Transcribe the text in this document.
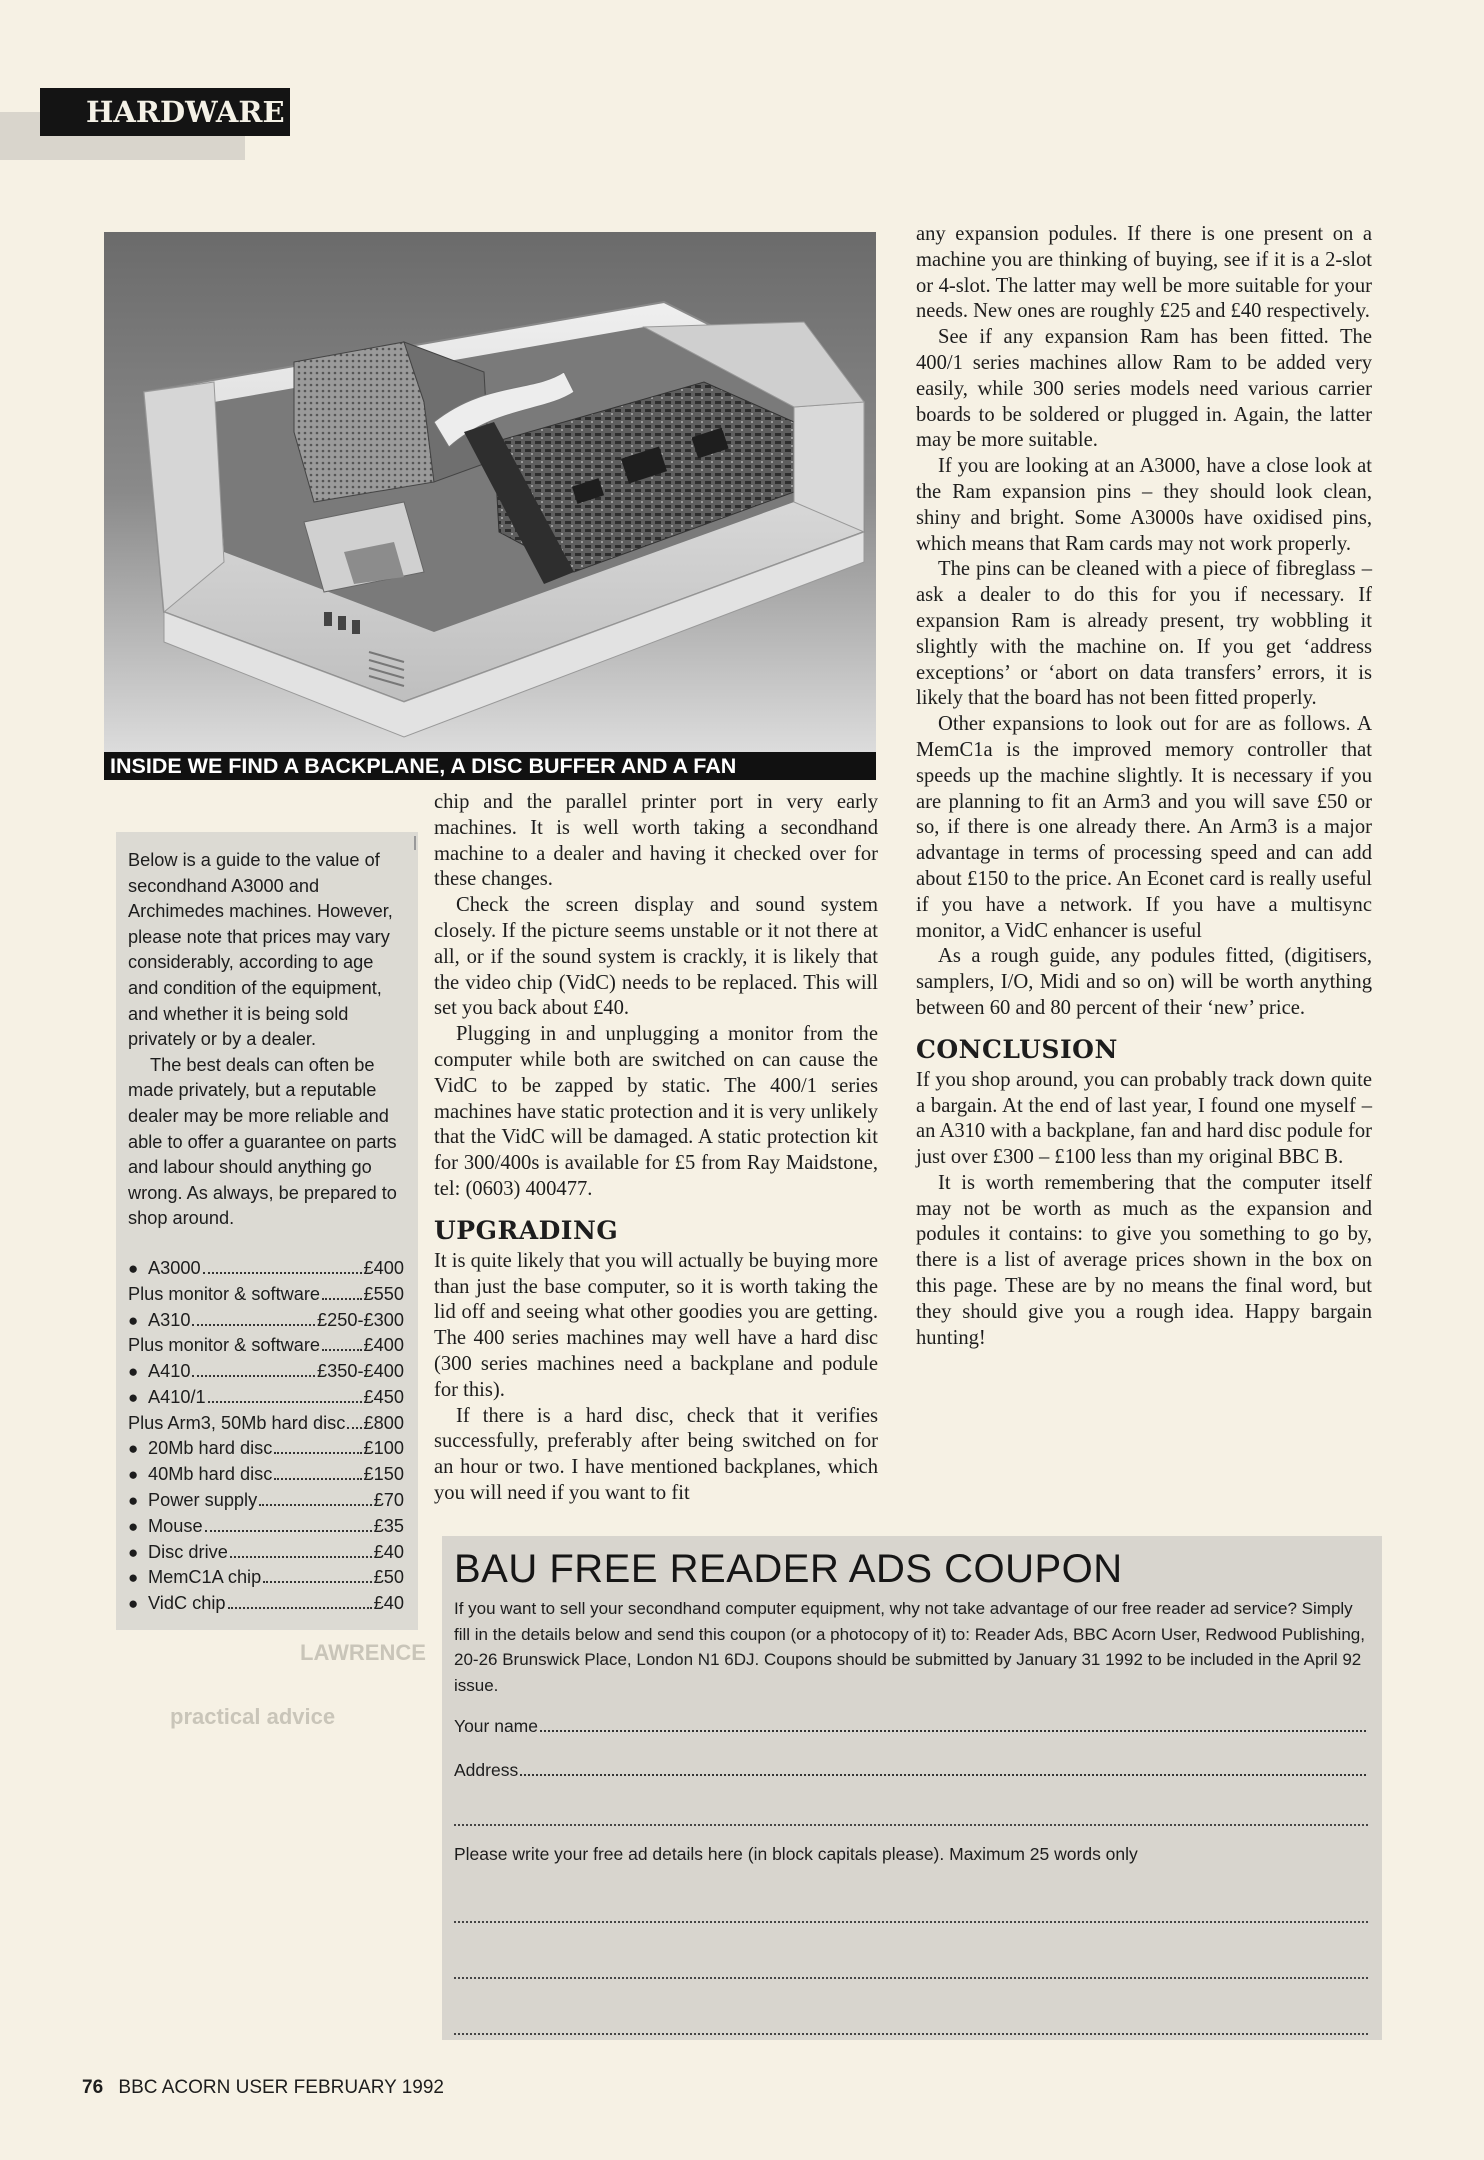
HARDWARE
INSIDE WE FIND A BACKPLANE, A DISC BUFFER AND A FAN
LAWRENCE
practical advice

Below is a guide to the value of secondhand A3000 and Archimedes machines. However, please note that prices may vary considerably, according to age and condition of the equipment, and whether it is being sold privately or by a dealer.

The best deals can often be made privately, but a reputable dealer may be more reliable and able to offer a guarantee on parts and labour should anything go wrong. As always, be prepared to shop around.

● A3000	£400
Plus monitor & software £550
● A310	£250-£300
Plus monitor & software £400
● A410	£350-£400
● A410/1	£450
Plus Arm3, 50Mb hard disc £800
● 20Mb hard disc	£100
● 40Mb hard disc	£150
● Power supply	£70
● Mouse	£35
● Disc drive	£40
● MemC1A chip	£50
● VidC chip	£40

chip and the parallel printer port in very early machines. It is well worth taking a secondhand machine to a dealer and having it checked over for these changes.

Check the screen display and sound system closely. If the picture seems unstable or it not there at all, or if the sound system is crackly, it is likely that the video chip (VidC) needs to be replaced. This will set you back about £40.

Plugging in and unplugging a monitor from the computer while both are switched on can cause the VidC to be zapped by static. The 400/1 series machines have static protection and it is very unlikely that the VidC will be damaged. A static protection kit for 300/400s is available for £5 from Ray Maidstone, tel: (0603) 400477.

UPGRADING

It is quite likely that you will actually be buying more than just the base computer, so it is worth taking the lid off and seeing what other goodies you are getting. The 400 series machines may well have a hard disc (300 series machines need a backplane and podule for this).

If there is a hard disc, check that it verifies successfully, preferably after being switched on for an hour or two. I have mentioned backplanes, which you will need if you want to fit

any expansion podules. If there is one present on a machine you are thinking of buying, see if it is a 2-slot or 4-slot. The latter may well be more suitable for your needs. New ones are roughly £25 and £40 respectively.

See if any expansion Ram has been fitted. The 400/1 series machines allow Ram to be added very easily, while 300 series models need various carrier boards to be soldered or plugged in. Again, the latter may be more suitable.

If you are looking at an A3000, have a close look at the Ram expansion pins – they should look clean, shiny and bright. Some A3000s have oxidised pins, which means that Ram cards may not work properly.

The pins can be cleaned with a piece of fibreglass – ask a dealer to do this for you if necessary. If expansion Ram is already present, try wobbling it slightly with the machine on. If you get ‘address exceptions’ or ‘abort on data transfers’ errors, it is likely that the board has not been fitted properly.

Other expansions to look out for are as follows. A MemC1a is the improved memory controller that speeds up the machine slightly. It is necessary if you are planning to fit an Arm3 and you will save £50 or so, if there is one already there. An Arm3 is a major advantage in terms of processing speed and can add about £150 to the price. An Econet card is really useful if you have a network. If you have a multisync monitor, a VidC enhancer is useful

As a rough guide, any podules fitted, (digitisers, samplers, I/O, Midi and so on) will be worth anything between 60 and 80 percent of their ‘new’ price.

CONCLUSION

If you shop around, you can probably track down quite a bargain. At the end of last year, I found one myself – an A310 with a backplane, fan and hard disc podule for just over £300 – £100 less than my original BBC B.

It is worth remembering that the computer itself may not be worth as much as the expansion and podules it contains: to give you something to go by, there is a list of average prices shown in the box on this page. These are by no means the final word, but they should give you a rough idea. Happy bargain hunting!

BAU FREE READER ADS COUPON

If you want to sell your secondhand computer equipment, why not take advantage of our free reader ad service? Simply fill in the details below and send this coupon (or a photocopy of it) to: Reader Ads, BBC Acorn User, Redwood Publishing, 20-26 Brunswick Place, London N1 6DJ. Coupons should be submitted by January 31 1992 to be included in the April 92 issue.

Your name
Address

Please write your free ad details here (in block capitals please). Maximum 25 words only

76 BBC ACORN USER FEBRUARY 1992
